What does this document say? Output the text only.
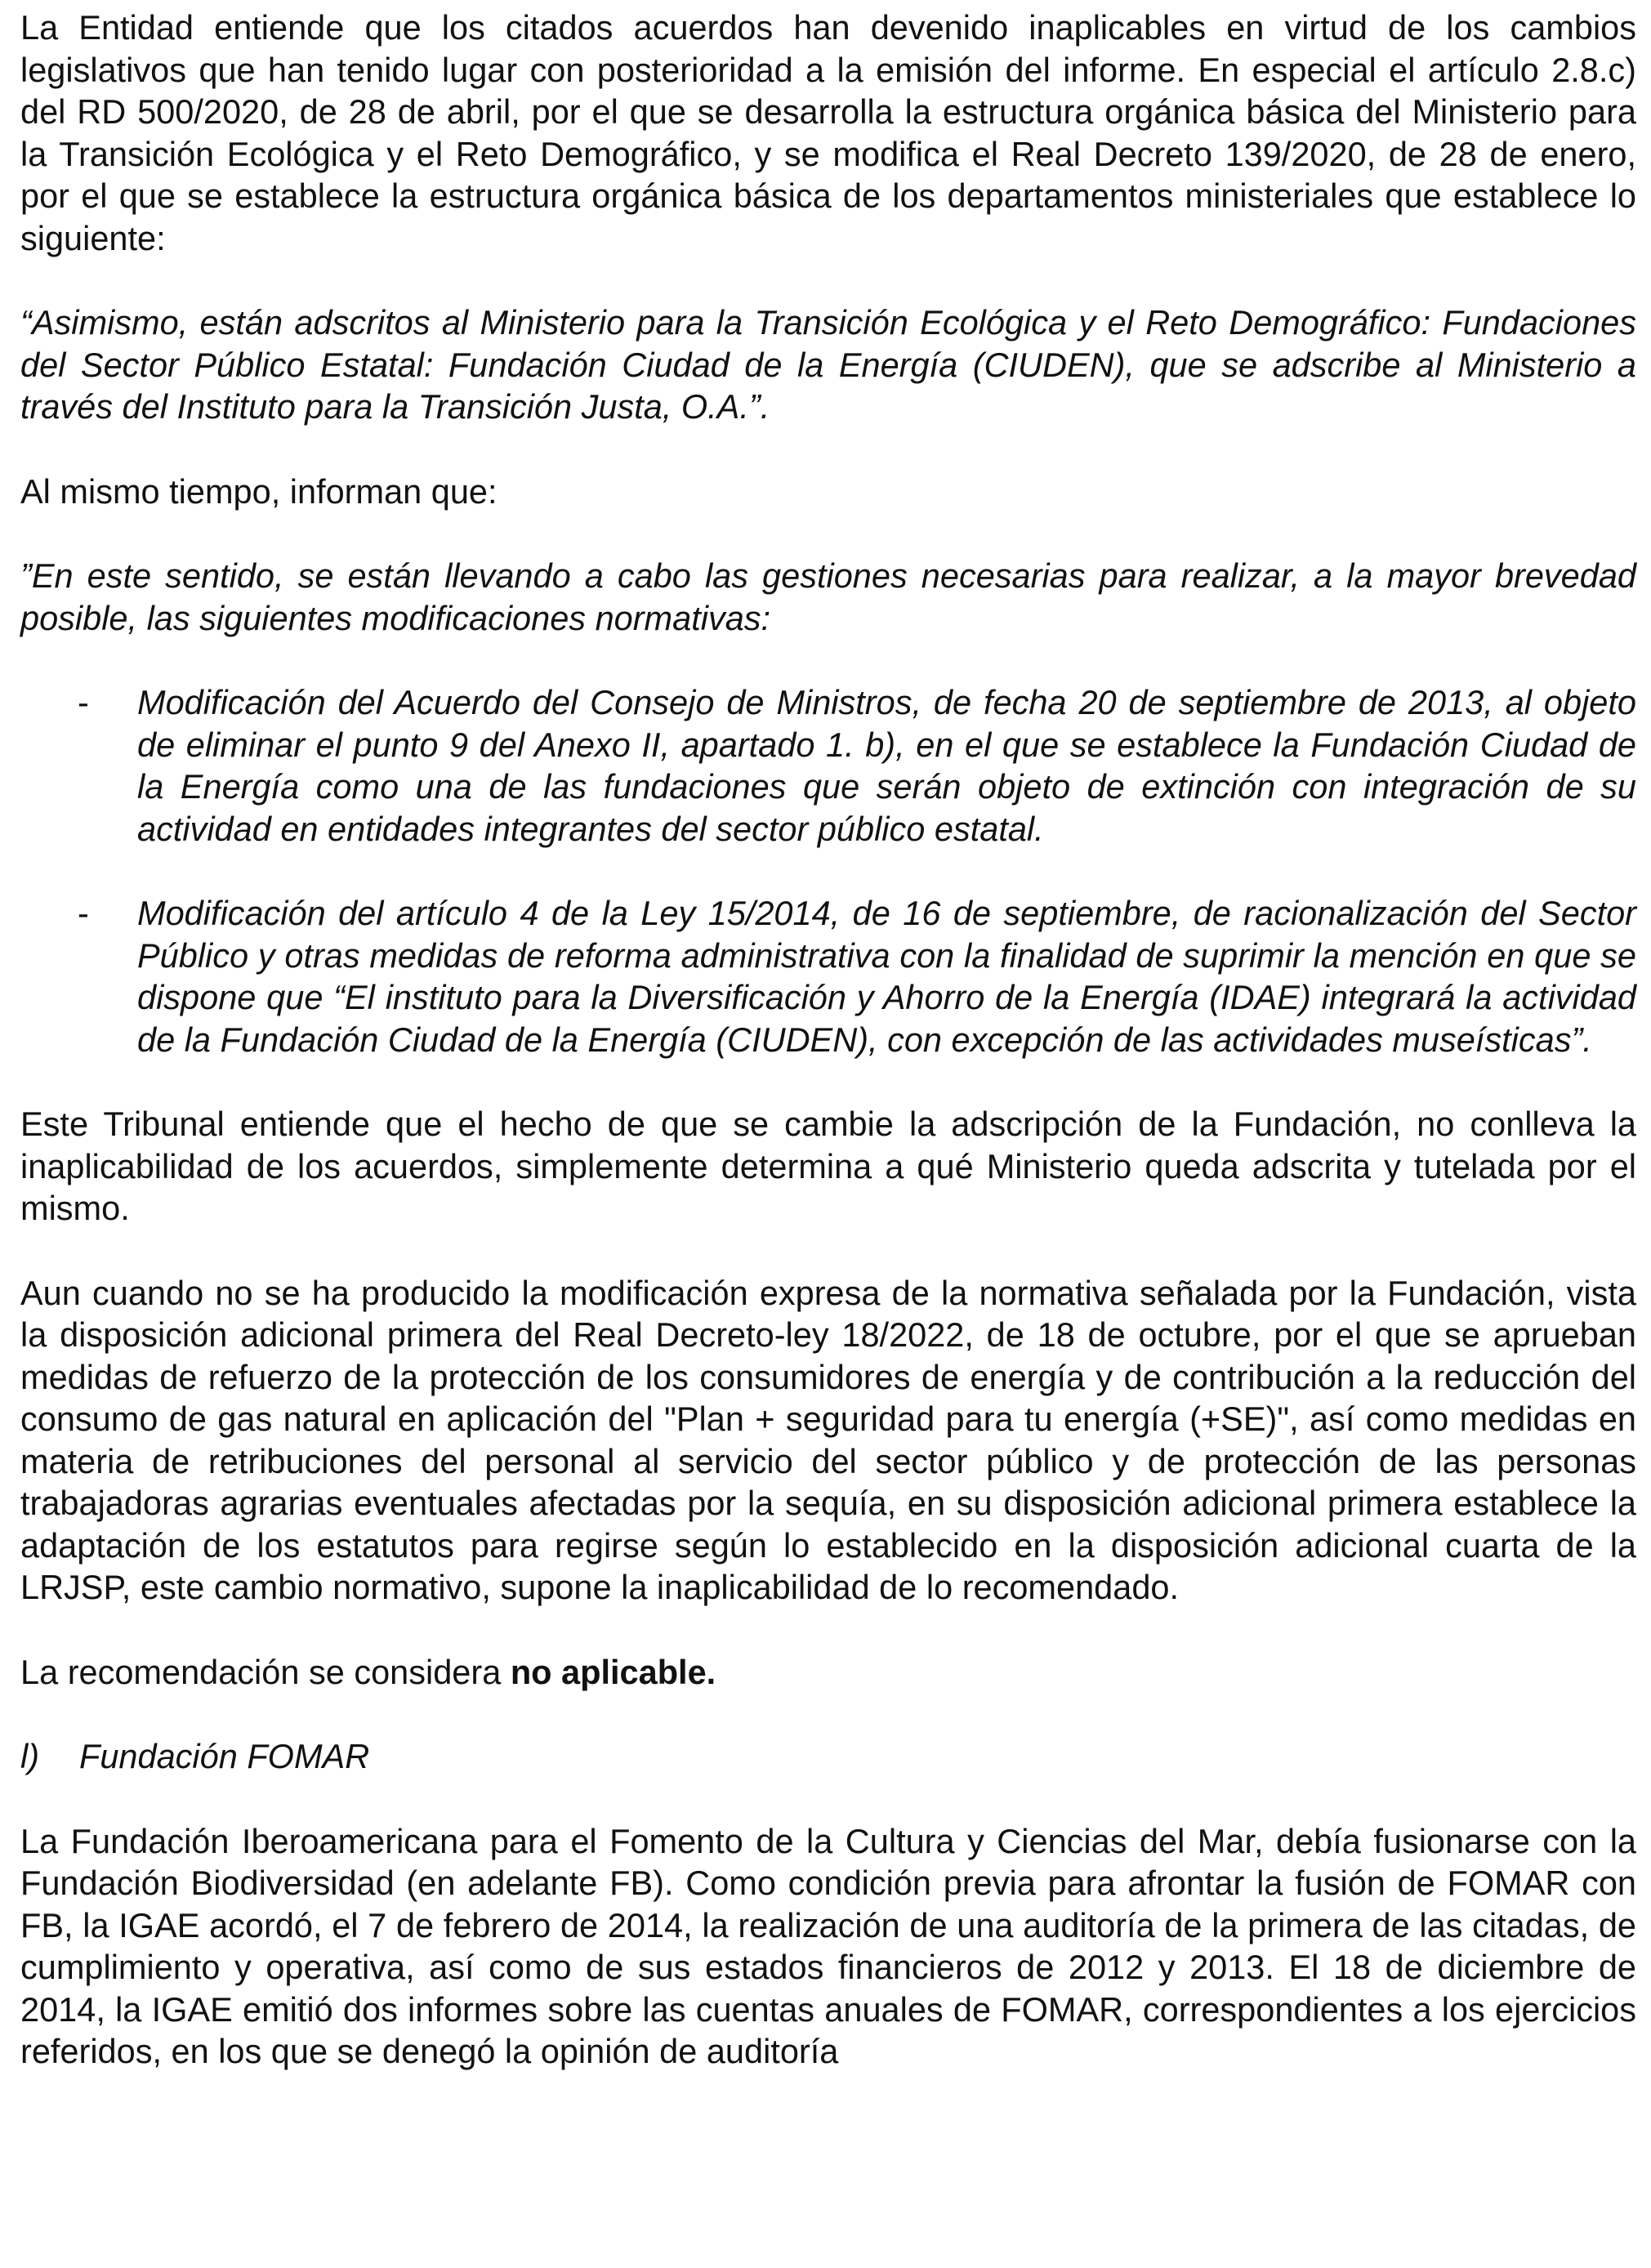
La Entidad entiende que los citados acuerdos han devenido inaplicables en virtud de los cambios legislativos que han tenido lugar con posterioridad a la emisión del informe. En especial el artículo 2.8.c) del RD 500/2020, de 28 de abril, por el que se desarrolla la estructura orgánica básica del Ministerio para la Transición Ecológica y el Reto Demográfico, y se modifica el Real Decreto 139/2020, de 28 de enero, por el que se establece la estructura orgánica básica de los departamentos ministeriales que establece lo siguiente:

“Asimismo, están adscritos al Ministerio para la Transición Ecológica y el Reto Demográfico: Fundaciones del Sector Público Estatal: Fundación Ciudad de la Energía (CIUDEN), que se adscribe al Ministerio a través del Instituto para la Transición Justa, O.A.”.

Al mismo tiempo, informan que:

”En este sentido, se están llevando a cabo las gestiones necesarias para realizar, a la mayor brevedad posible, las siguientes modificaciones normativas:

-	Modificación del Acuerdo del Consejo de Ministros, de fecha 20 de septiembre de 2013, al objeto de eliminar el punto 9 del Anexo II, apartado 1. b), en el que se establece la Fundación Ciudad de la Energía como una de las fundaciones que serán objeto de extinción con integración de su actividad en entidades integrantes del sector público estatal.
-	Modificación del artículo 4 de la Ley 15/2014, de 16 de septiembre, de racionalización del Sector Público y otras medidas de reforma administrativa con la finalidad de suprimir la mención en que se dispone que “El instituto para la Diversificación y Ahorro de la Energía (IDAE) integrará la actividad de la Fundación Ciudad de la Energía (CIUDEN), con excepción de las actividades museísticas”.

Este Tribunal entiende que el hecho de que se cambie la adscripción de la Fundación, no conlleva la inaplicabilidad de los acuerdos, simplemente determina a qué Ministerio queda adscrita y tutelada por el mismo.

Aun cuando no se ha producido la modificación expresa de la normativa señalada por la Fundación, vista la disposición adicional primera del Real Decreto-ley 18/2022, de 18 de octubre, por el que se aprueban medidas de refuerzo de la protección de los consumidores de energía y de contribución a la reducción del consumo de gas natural en aplicación del "Plan + seguridad para tu energía (+SE)", así como medidas en materia de retribuciones del personal al servicio del sector público y de protección de las personas trabajadoras agrarias eventuales afectadas por la sequía, en su disposición adicional primera establece la adaptación de los estatutos para regirse según lo establecido en la disposición adicional cuarta de la LRJSP, este cambio normativo, supone la inaplicabilidad de lo recomendado.

La recomendación se considera no aplicable.

l)	Fundación FOMAR

La Fundación Iberoamericana para el Fomento de la Cultura y Ciencias del Mar, debía fusionarse con la Fundación Biodiversidad (en adelante FB). Como condición previa para afrontar la fusión de FOMAR con FB, la IGAE acordó, el 7 de febrero de 2014, la realización de una auditoría de la primera de las citadas, de cumplimiento y operativa, así como de sus estados financieros de 2012 y 2013. El 18 de diciembre de 2014, la IGAE emitió dos informes sobre las cuentas anuales de FOMAR, correspondientes a los ejercicios referidos, en los que se denegó la opinión de auditoría
